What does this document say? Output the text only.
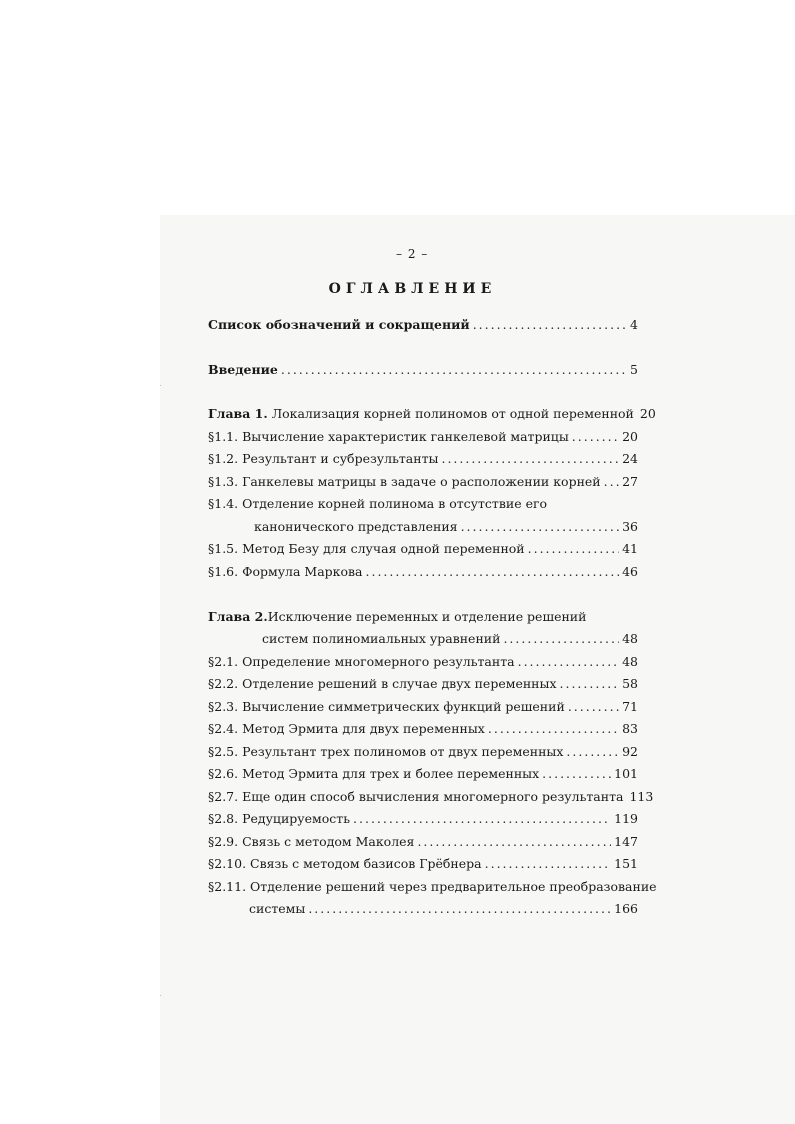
– 2 –
ОГЛАВЛЕНИЕ
Список обозначений и сокращений .....	4
Введение .....	5
Глава 1. Локализация корней полиномов от одной переменной 20
§1.1. Вычисление характеристик ганкелевой матрицы .....	20
§1.2. Результант и субрезультанты .....	24
§1.3. Ганкелевы матрицы в задаче о расположении корней ..... 27
§1.4. Отделение корней полинома в отсутствие его
канонического представления .....	36
§1.5. Метод Безу для случая одной переменной .....	41
§1.6. Формула Маркова .....	46
Глава 2.Исключение переменных и отделение решений
систем полиномиальных уравнений .....	48
§2.1. Определение многомерного результанта .....	48
§2.2. Отделение решений в случае двух переменных .....	58
§2.3. Вычисление симметрических функций решений .....	71
§2.4. Метод Эрмита для двух переменных .....	83
§2.5. Результант трех полиномов от двух переменных .....	92
§2.6. Метод Эрмита для трех и более переменных .....	101
§2.7. Еще один способ вычисления многомерного результанта 113
§2.8. Редуцируемость .....	119
§2.9. Связь с методом Маколея .....	147
§2.10. Связь с методом базисов Грёбнера .....	151
§2.11. Отделение решений через предварительное преобразование
системы .....	166
